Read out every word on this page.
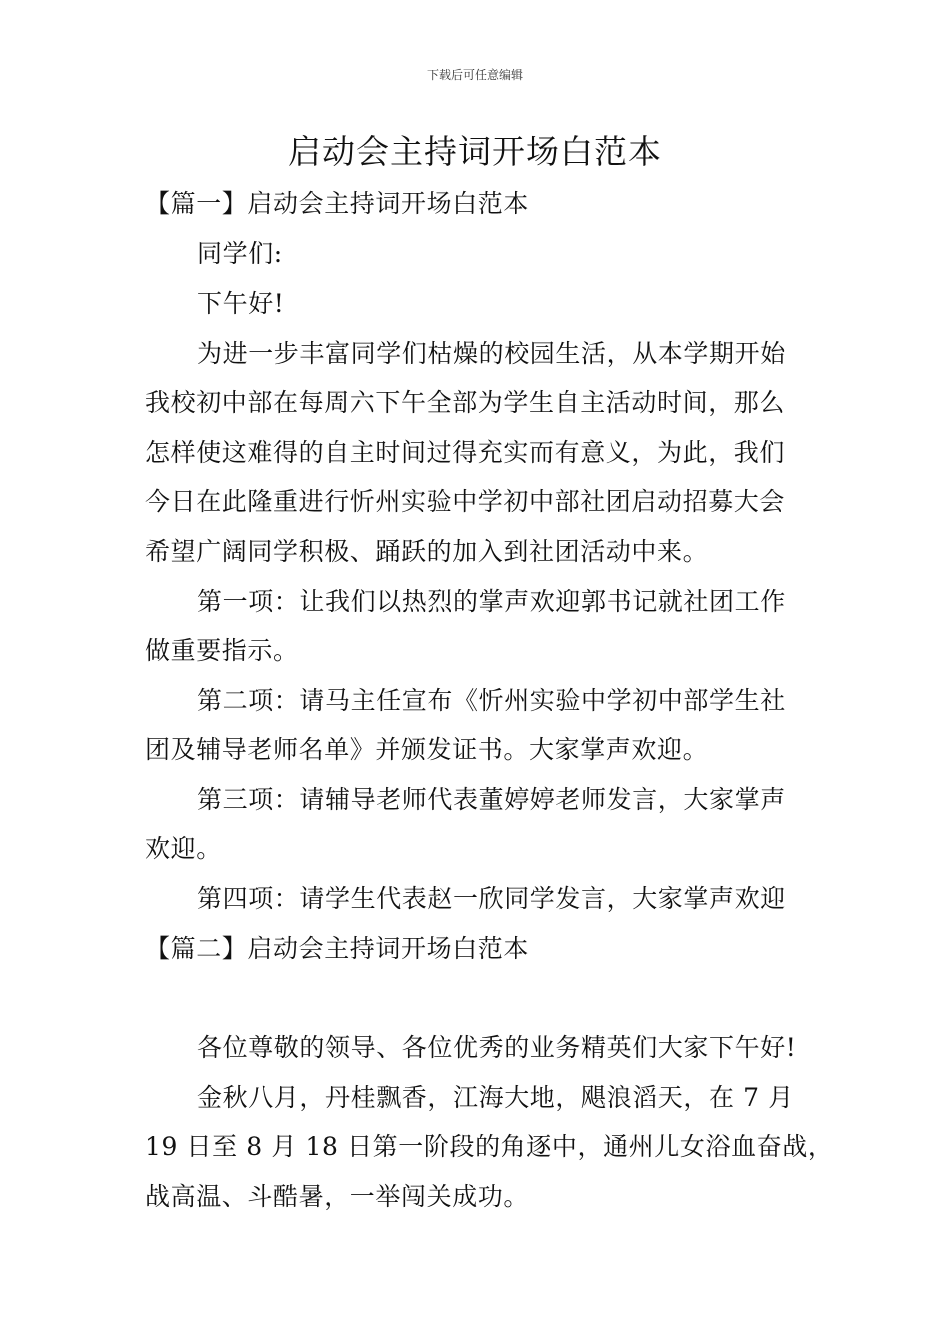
下载后可任意编辑
启动会主持词开场白范本
【篇一】启动会主持词开场白范本
同学们:
下午好!
为进一步丰富同学们枯燥的校园生活，从本学期开始
我校初中部在每周六下午全部为学生自主活动时间，那么
怎样使这难得的自主时间过得充实而有意义，为此，我们
今日在此隆重进行忻州实验中学初中部社团启动招募大会
希望广阔同学积极、踊跃的加入到社团活动中来。
第一项：让我们以热烈的掌声欢迎郭书记就社团工作
做重要指示。
第二项：请马主任宣布《忻州实验中学初中部学生社
团及辅导老师名单》并颁发证书。大家掌声欢迎。
第三项：请辅导老师代表董婷婷老师发言，大家掌声
欢迎。
第四项：请学生代表赵一欣同学发言，大家掌声欢迎
【篇二】启动会主持词开场白范本
各位尊敬的领导、各位优秀的业务精英们大家下午好!
金秋八月，丹桂飘香，江海大地，飓浪滔天，在 7 月
19 日至 8 月 18 日第一阶段的角逐中，通州儿女浴血奋战，
战高温、斗酷暑，一举闯关成功。
